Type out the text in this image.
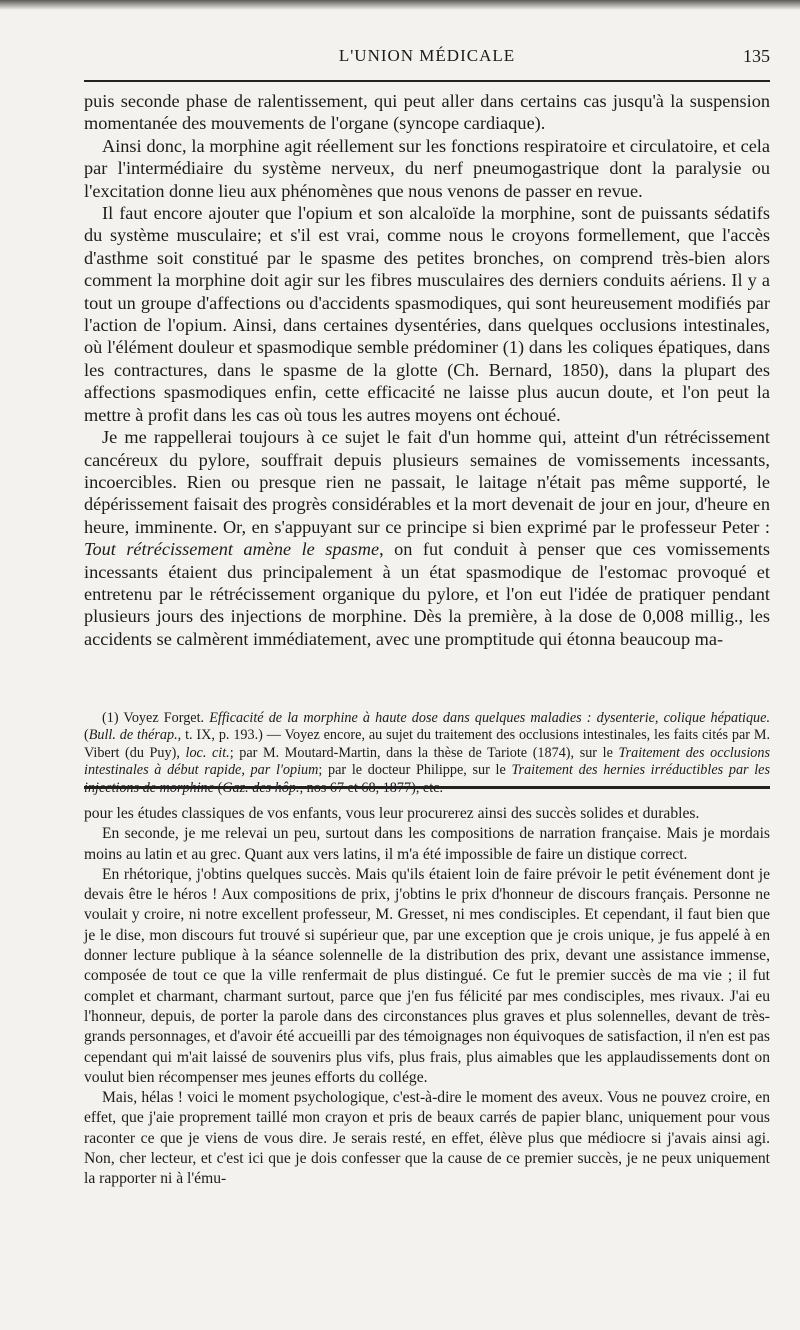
L'UNION MÉDICALE	135

puis seconde phase de ralentissement, qui peut aller dans certains cas jusqu'à la suspension momentanée des mouvements de l'organe (syncope cardiaque).

Ainsi donc, la morphine agit réellement sur les fonctions respiratoire et circulatoire, et cela par l'intermédiaire du système nerveux, du nerf pneumogastrique dont la paralysie ou l'excitation donne lieu aux phénomènes que nous venons de passer en revue.

Il faut encore ajouter que l'opium et son alcaloïde la morphine, sont de puissants sédatifs du système musculaire; et s'il est vrai, comme nous le croyons formellement, que l'accès d'asthme soit constitué par le spasme des petites bronches, on comprend très-bien alors comment la morphine doit agir sur les fibres musculaires des derniers conduits aériens. Il y a tout un groupe d'affections ou d'accidents spasmodiques, qui sont heureusement modifiés par l'action de l'opium. Ainsi, dans certaines dysentéries, dans quelques occlusions intestinales, où l'élément douleur et spasmodique semble prédominer (1) dans les coliques épatiques, dans les contractures, dans le spasme de la glotte (Ch. Bernard, 1850), dans la plupart des affections spasmodiques enfin, cette efficacité ne laisse plus aucun doute, et l'on peut la mettre à profit dans les cas où tous les autres moyens ont échoué.

Je me rappellerai toujours à ce sujet le fait d'un homme qui, atteint d'un rétrécissement cancéreux du pylore, souffrait depuis plusieurs semaines de vomissements incessants, incoercibles. Rien ou presque rien ne passait, le laitage n'était pas même supporté, le dépérissement faisait des progrès considérables et la mort devenait de jour en jour, d'heure en heure, imminente. Or, en s'appuyant sur ce principe si bien exprimé par le professeur Peter : Tout rétrécissement amène le spasme, on fut conduit à penser que ces vomissements incessants étaient dus principalement à un état spasmodique de l'estomac provoqué et entretenu par le rétrécissement organique du pylore, et l'on eut l'idée de pratiquer pendant plusieurs jours des injections de morphine. Dès la première, à la dose de 0,008 millig., les accidents se calmèrent immédiatement, avec une promptitude qui étonna beaucoup ma-

(1) Voyez Forget. Efficacité de la morphine à haute dose dans quelques maladies : dysenterie, colique hépatique. (Bull. de thérap., t. IX, p. 193.) — Voyez encore, au sujet du traitement des occlusions intestinales, les faits cités par M. Vibert (du Puy), loc. cit.; par M. Moutard-Martin, dans la thèse de Tariote (1874), sur le Traitement des occlusions intestinales à début rapide, par l'opium; par le docteur Philippe, sur le Traitement des hernies irréductibles par les

pour les études classiques de vos enfants, vous leur procurerez ainsi des succès solides et durables.

En seconde, je me relevai un peu, surtout dans les compositions de narration française. Mais je mordais moins au latin et au grec. Quant aux vers latins, il m'a été impossible de faire un distique correct.

En rhétorique, j'obtins quelques succès. Mais qu'ils étaient loin de faire prévoir le petit événement dont je devais être le héros ! Aux compositions de prix, j'obtins le prix d'honneur de discours français. Personne ne voulait y croire, ni notre excellent professeur, M. Gresset, ni mes condisciples. Et cependant, il faut bien que je le dise, mon discours fut trouvé si supérieur que, par une exception que je crois unique, je fus appelé à en donner lecture publique à la séance solennelle de la distribution des prix, devant une assistance immense, composée de tout ce que la ville renfermait de plus distingué. Ce fut le premier succès de ma vie ; il fut complet et charmant, charmant surtout, parce que j'en fus félicité par mes condisciples, mes rivaux. J'ai eu l'honneur, depuis, de porter la parole dans des circonstances plus graves et plus solennelles, devant de très-grands personnages, et d'avoir été accueilli par des témoignages non équivoques de satisfaction, il n'en est pas cependant qui m'ait laissé de souvenirs plus vifs, plus frais, plus aimables que les applaudissements dont on voulut bien récompenser mes jeunes efforts du collége.

Mais, hélas ! voici le moment psychologique, c'est-à-dire le moment des aveux. Vous ne pouvez croire, en effet, que j'aie proprement taillé mon crayon et pris de beaux carrés de papier blanc, uniquement pour vous raconter ce que je viens de vous dire. Je serais resté, en effet, élève plus que médiocre si j'avais ainsi agi. Non, cher lecteur, et c'est ici que je dois confesser que la cause de ce premier succès, je ne peux uniquement la rapporter ni à l'ému-
